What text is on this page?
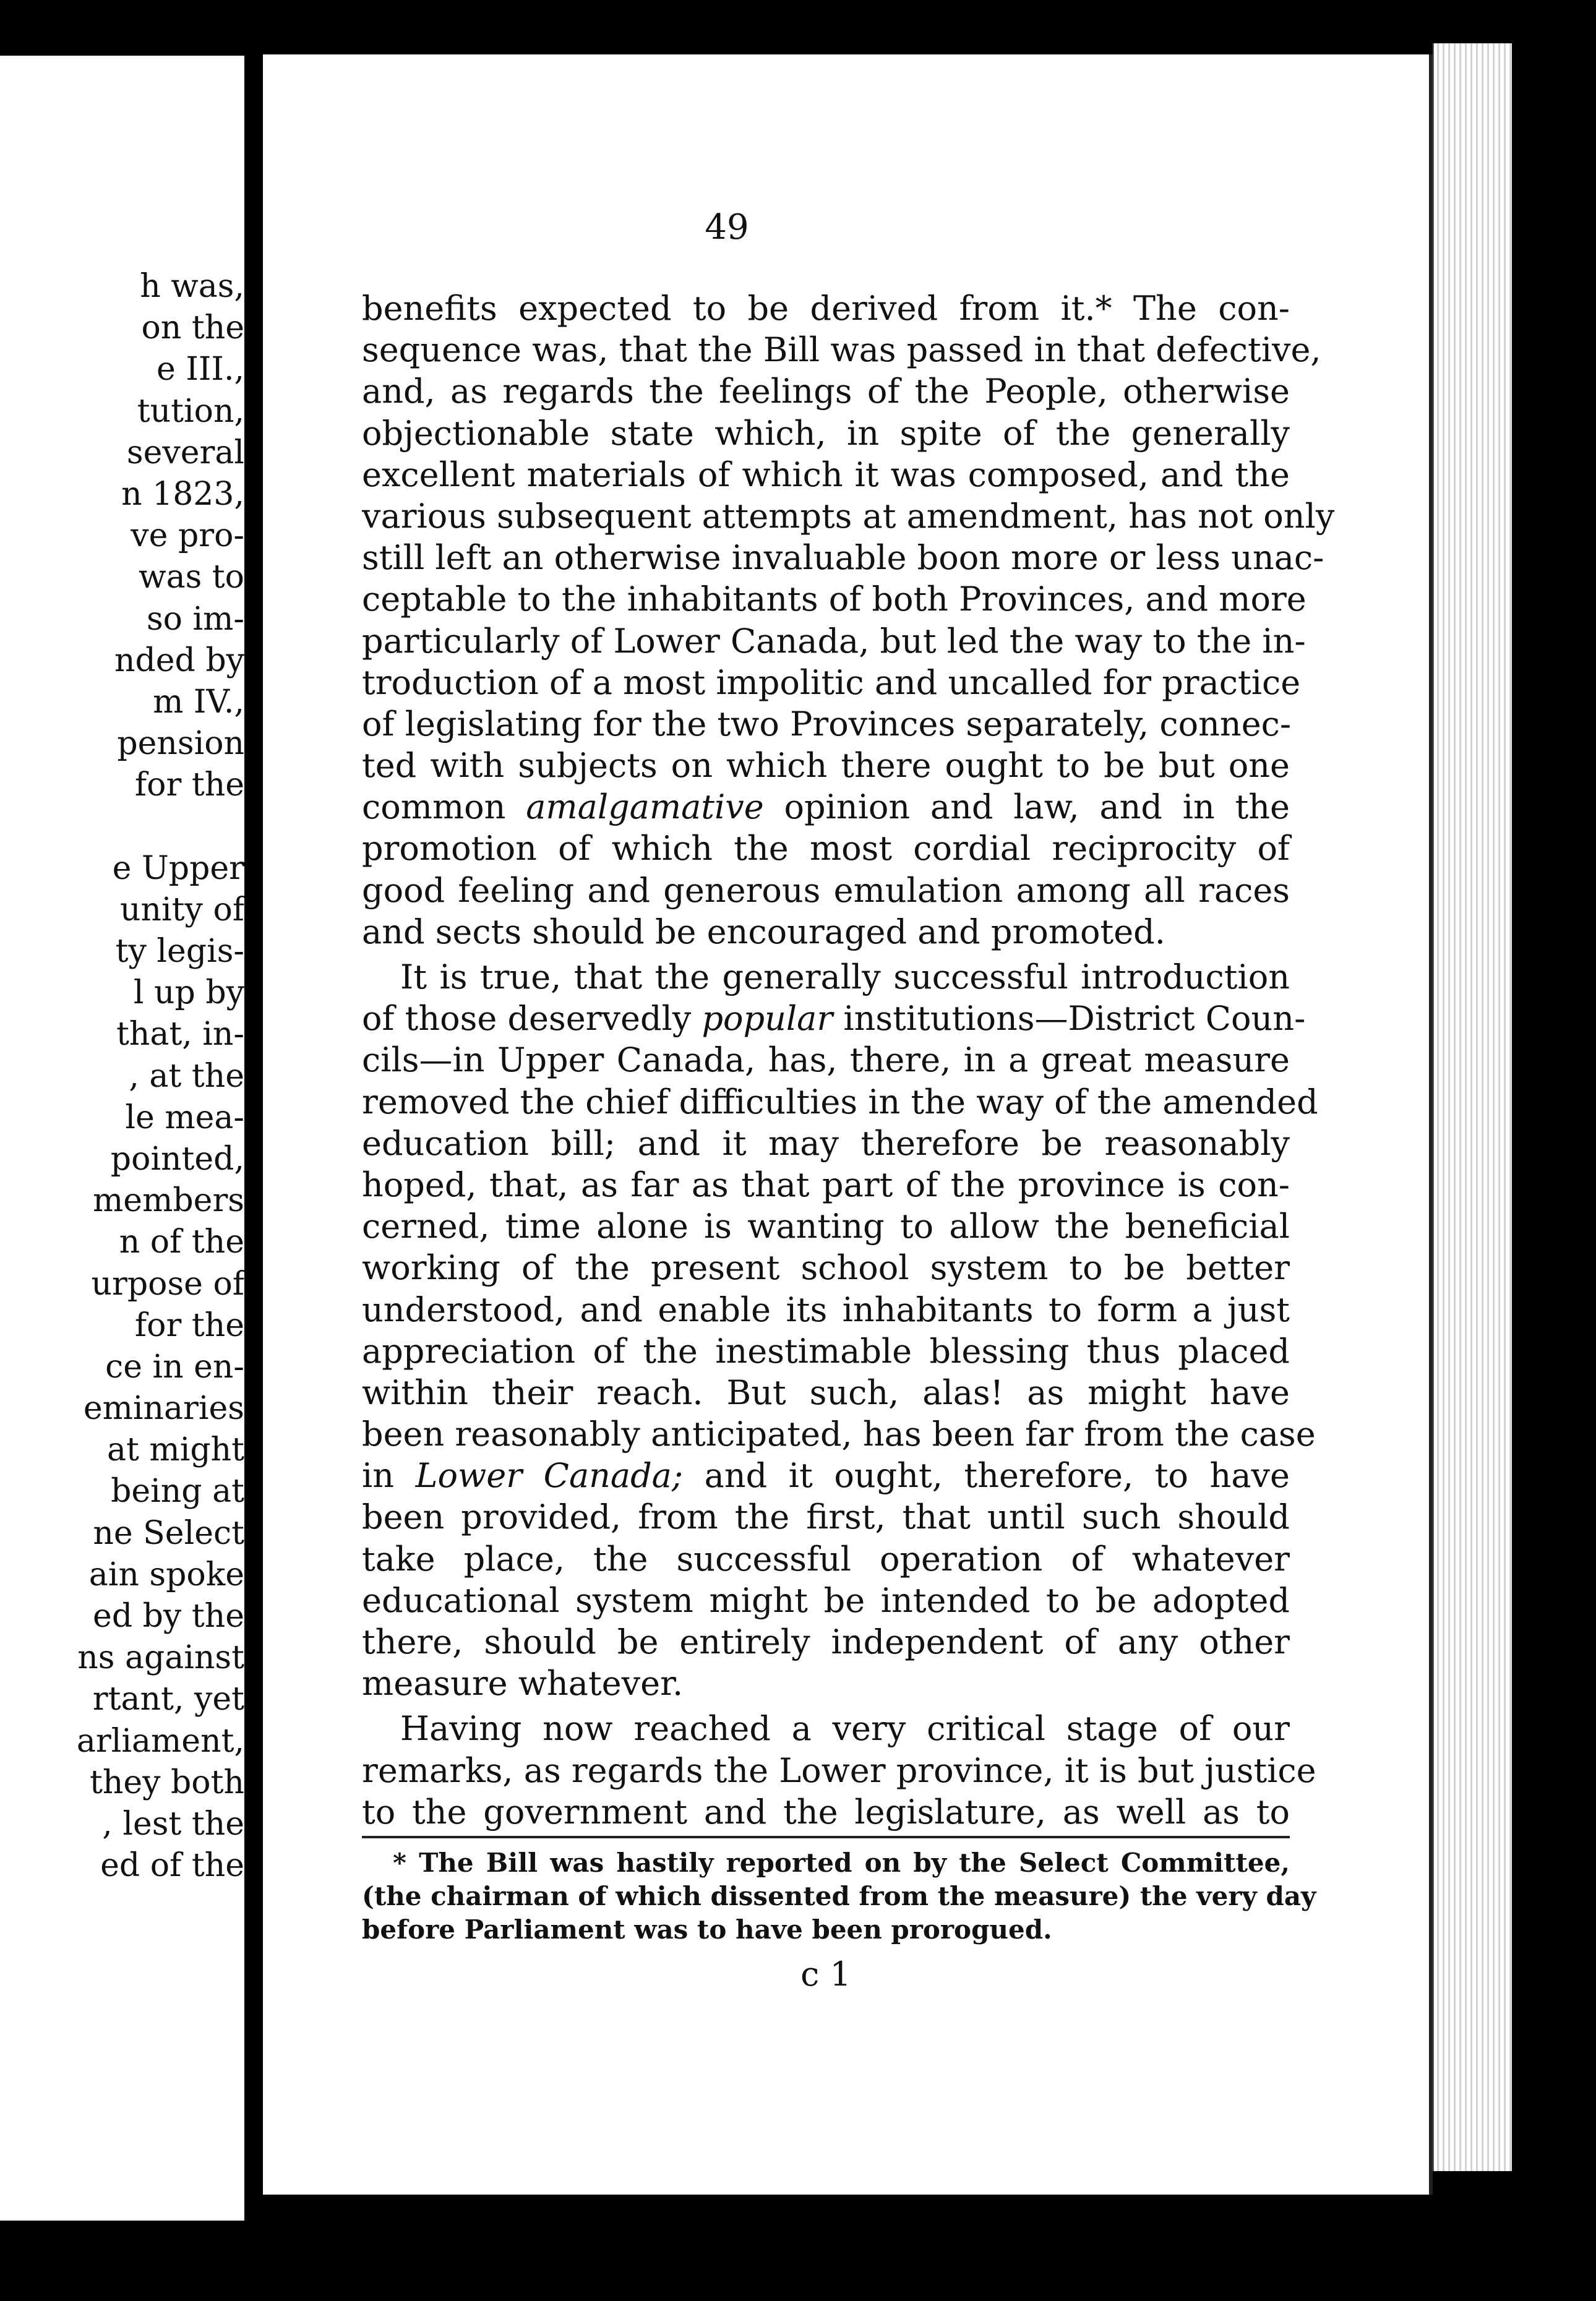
h was,
on the
e III.,
tution,
several
n 1823,
ve pro-
was to
so im-
nded by
m IV.,
pension
for the
e Upper
unity of
ty legis-
l up by
that, in-
, at the
le mea-
pointed,
members
n of the
urpose of
for the
ce in en-
eminaries
at might
being at
ne Select
ain spoke
ed by the
ns against
rtant, yet
arliament,
they both
, lest the
ed of the
49
benefits expected to be derived from it.* The con-
sequence was, that the Bill was passed in that defective,
and, as regards the feelings of the People, otherwise
objectionable state which, in spite of the generally
excellent materials of which it was composed, and the
various subsequent attempts at amendment, has not only
still left an otherwise invaluable boon more or less unac-
ceptable to the inhabitants of both Provinces, and more
particularly of Lower Canada, but led the way to the in-
troduction of a most impolitic and uncalled for practice
of legislating for the two Provinces separately, connec-
ted with subjects on which there ought to be but one
common amalgamative opinion and law, and in the
promotion of which the most cordial reciprocity of
good feeling and generous emulation among all races
and sects should be encouraged and promoted.
It is true, that the generally successful introduction
of those deservedly popular institutions—District Coun-
cils—in Upper Canada, has, there, in a great measure
removed the chief difficulties in the way of the amended
education bill; and it may therefore be reasonably
hoped, that, as far as that part of the province is con-
cerned, time alone is wanting to allow the beneficial
working of the present school system to be better
understood, and enable its inhabitants to form a just
appreciation of the inestimable blessing thus placed
within their reach. But such, alas! as might have
been reasonably anticipated, has been far from the case
in Lower Canada; and it ought, therefore, to have
been provided, from the first, that until such should
take place, the successful operation of whatever
educational system might be intended to be adopted
there, should be entirely independent of any other
measure whatever.
Having now reached a very critical stage of our
remarks, as regards the Lower province, it is but justice
to the government and the legislature, as well as to
* The Bill was hastily reported on by the Select Committee,
(the chairman of which dissented from the measure) the very day
before Parliament was to have been prorogued.
c 1
